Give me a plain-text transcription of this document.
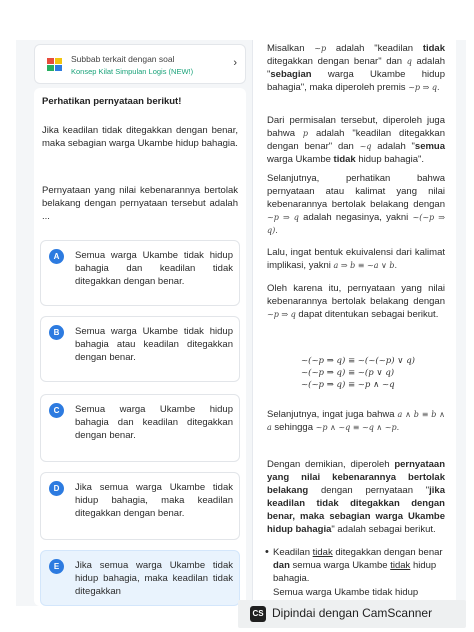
Subbab terkait dengan soal
Konsep Kilat Simpulan Logis (NEW!)
›
Perhatikan pernyataan berikut!
Jika keadilan tidak ditegakkan dengan benar, maka sebagian warga Ukambe hidup bahagia.
Pernyataan yang nilai kebenarannya bertolak belakang dengan pernyataan tersebut adalah ...
A	Semua warga Ukambe tidak hidup bahagia dan keadilan tidak ditegakkan dengan benar.
B	Semua warga Ukambe tidak hidup bahagia atau keadilan ditegakkan dengan benar.
C	Semua warga Ukambe hidup bahagia dan keadilan ditegakkan dengan benar.
D	Jika semua warga Ukambe tidak hidup bahagia, maka keadilan ditegakkan dengan benar.
E	Jika semua warga Ukambe tidak hidup bahagia, maka keadilan tidak ditegakkan
Misalkan ~p adalah "keadilan tidak ditegakkan dengan benar" dan q adalah "sebagian warga Ukambe hidup bahagia", maka diperoleh premis ~p ⇒ q.
Dari permisalan tersebut, diperoleh juga bahwa p adalah "keadilan ditegakkan dengan benar" dan ~q adalah "semua warga Ukambe tidak hidup bahagia".
Selanjutnya, perhatikan bahwa pernyataan atau kalimat yang nilai kebenarannya bertolak belakang dengan ~p ⇒ q adalah negasinya, yakni ~(~p ⇒ q).
Lalu, ingat bentuk ekuivalensi dari kalimat implikasi, yakni a ⇒ b ≡ ~a ∨ b.
Oleh karena itu, pernyataan yang nilai kebenarannya bertolak belakang dengan ~p ⇒ q dapat ditentukan sebagai berikut.
~(~p ⇒ q) ≡ ~(~(~p) ∨ q)
~(~p ⇒ q) ≡ ~(p ∨ q)
~(~p ⇒ q) ≡ ~p ∧ ~q
Selanjutnya, ingat juga bahwa a ∧ b ≡ b ∧ a sehingga ~p ∧ ~q ≡ ~q ∧ ~p.
Dengan demikian, diperoleh pernyataan yang nilai kebenarannya bertolak belakang dengan pernyataan "jika keadilan tidak ditegakkan dengan benar, maka sebagian warga Ukambe hidup bahagia" adalah sebagai berikut.
• Keadilan tidak ditegakkan dengan benar dan semua warga Ukambe tidak hidup bahagia.
• Semua warga Ukambe tidak hidup
CS Dipindai dengan CamScanner
